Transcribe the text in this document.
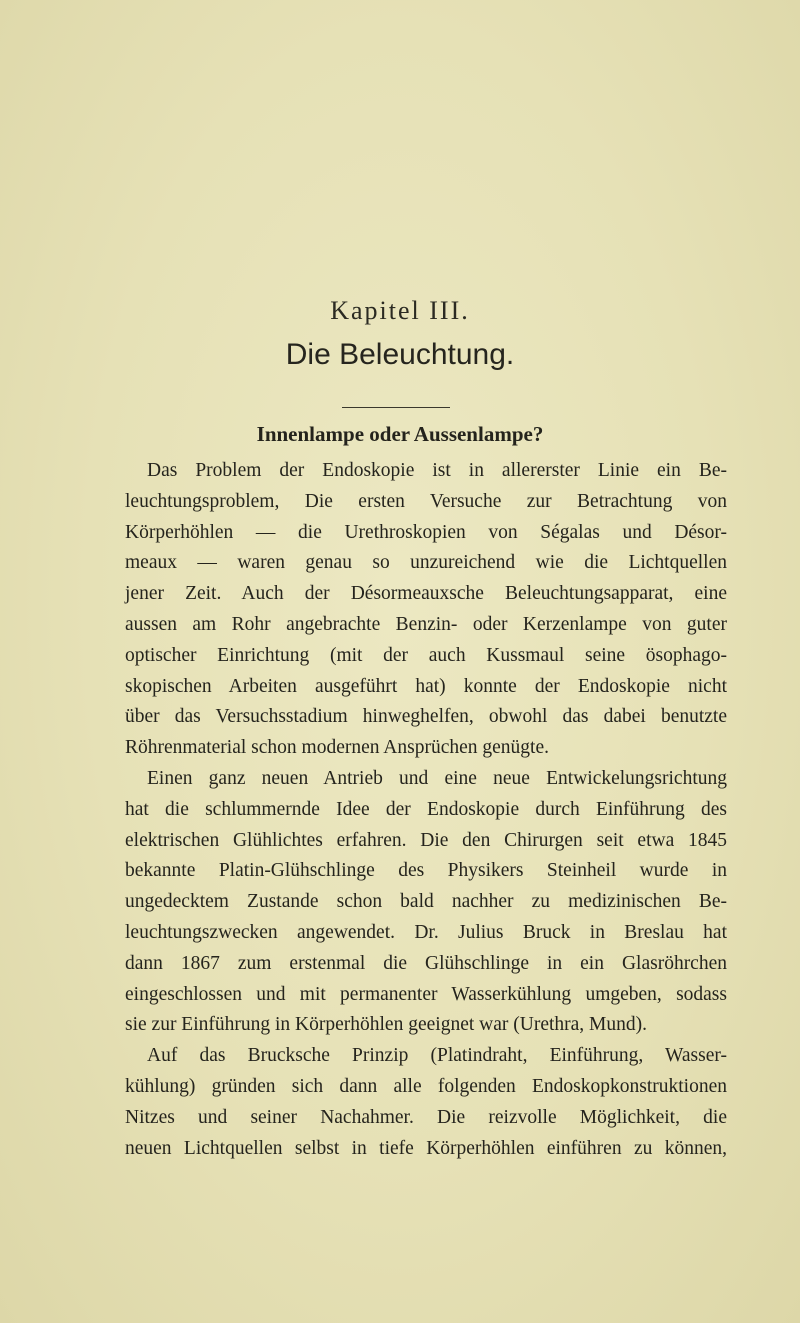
Kapitel III.
Die Beleuchtung.
Innenlampe oder Aussenlampe?
Das Problem der Endoskopie ist in allererster Linie ein Be-
leuchtungsproblem, Die ersten Versuche zur Betrachtung von
Körperhöhlen — die Urethroskopien von Ségalas und Désor-
meaux — waren genau so unzureichend wie die Lichtquellen
jener Zeit. Auch der Désormeauxsche Beleuchtungsapparat, eine
aussen am Rohr angebrachte Benzin- oder Kerzenlampe von guter
optischer Einrichtung (mit der auch Kussmaul seine ösophago-
skopischen Arbeiten ausgeführt hat) konnte der Endoskopie nicht
über das Versuchsstadium hinweghelfen, obwohl das dabei benutzte
Röhrenmaterial schon modernen Ansprüchen genügte.
Einen ganz neuen Antrieb und eine neue Entwickelungsrichtung
hat die schlummernde Idee der Endoskopie durch Einführung des
elektrischen Glühlichtes erfahren. Die den Chirurgen seit etwa 1845
bekannte Platin-Glühschlinge des Physikers Steinheil wurde in
ungedecktem Zustande schon bald nachher zu medizinischen Be-
leuchtungszwecken angewendet. Dr. Julius Bruck in Breslau hat
dann 1867 zum erstenmal die Glühschlinge in ein Glasröhrchen
eingeschlossen und mit permanenter Wasserkühlung umgeben, sodass
sie zur Einführung in Körperhöhlen geeignet war (Urethra, Mund).
Auf das Brucksche Prinzip (Platindraht, Einführung, Wasser-
kühlung) gründen sich dann alle folgenden Endoskopkonstruktionen
Nitzes und seiner Nachahmer. Die reizvolle Möglichkeit, die
neuen Lichtquellen selbst in tiefe Körperhöhlen einführen zu können,
